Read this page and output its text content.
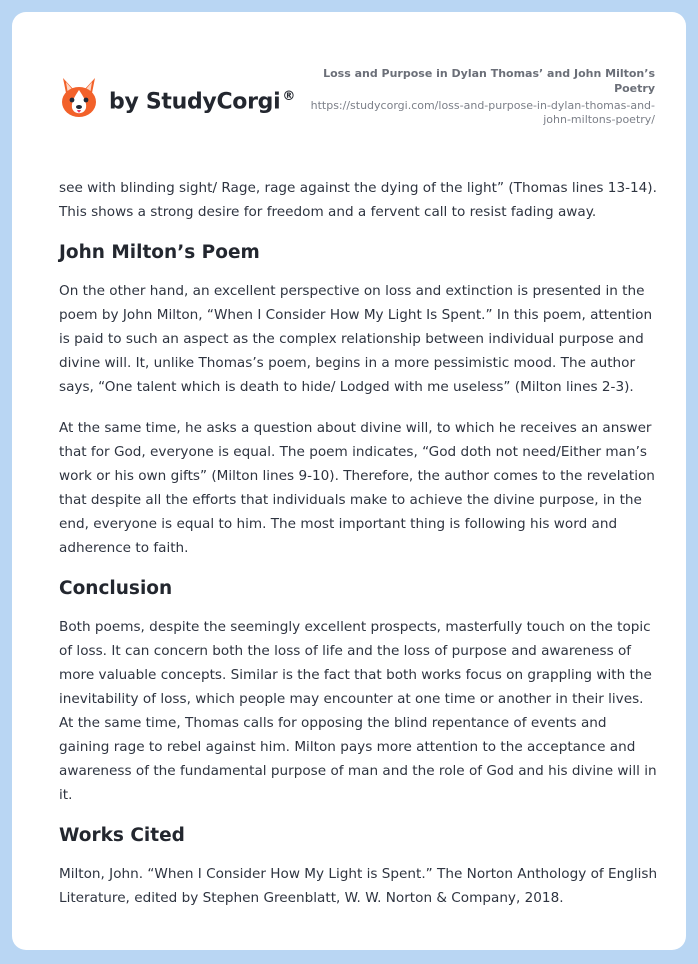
by StudyCorgi ®
Loss and Purpose in Dylan Thomas’ and John Milton’s Poetry
https://studycorgi.com/loss-and-purpose-in-dylan-thomas-and-john-miltons-poetry/

see with blinding sight/ Rage, rage against the dying of the light” (Thomas lines 13-14). This shows a strong desire for freedom and a fervent call to resist fading away.

John Milton’s Poem

On the other hand, an excellent perspective on loss and extinction is presented in the poem by John Milton, “When I Consider How My Light Is Spent.” In this poem, attention is paid to such an aspect as the complex relationship between individual purpose and divine will. It, unlike Thomas’s poem, begins in a more pessimistic mood. The author says, “One talent which is death to hide/ Lodged with me useless” (Milton lines 2-3).

At the same time, he asks a question about divine will, to which he receives an answer that for God, everyone is equal. The poem indicates, “God doth not need/Either man’s work or his own gifts” (Milton lines 9-10). Therefore, the author comes to the revelation that despite all the efforts that individuals make to achieve the divine purpose, in the end, everyone is equal to him. The most important thing is following his word and adherence to faith.

Conclusion

Both poems, despite the seemingly excellent prospects, masterfully touch on the topic of loss. It can concern both the loss of life and the loss of purpose and awareness of more valuable concepts. Similar is the fact that both works focus on grappling with the inevitability of loss, which people may encounter at one time or another in their lives. At the same time, Thomas calls for opposing the blind repentance of events and gaining rage to rebel against him. Milton pays more attention to the acceptance and awareness of the fundamental purpose of man and the role of God and his divine will in it.

Works Cited

Milton, John. “When I Consider How My Light is Spent.” The Norton Anthology of English Literature, edited by Stephen Greenblatt, W. W. Norton & Company, 2018.
